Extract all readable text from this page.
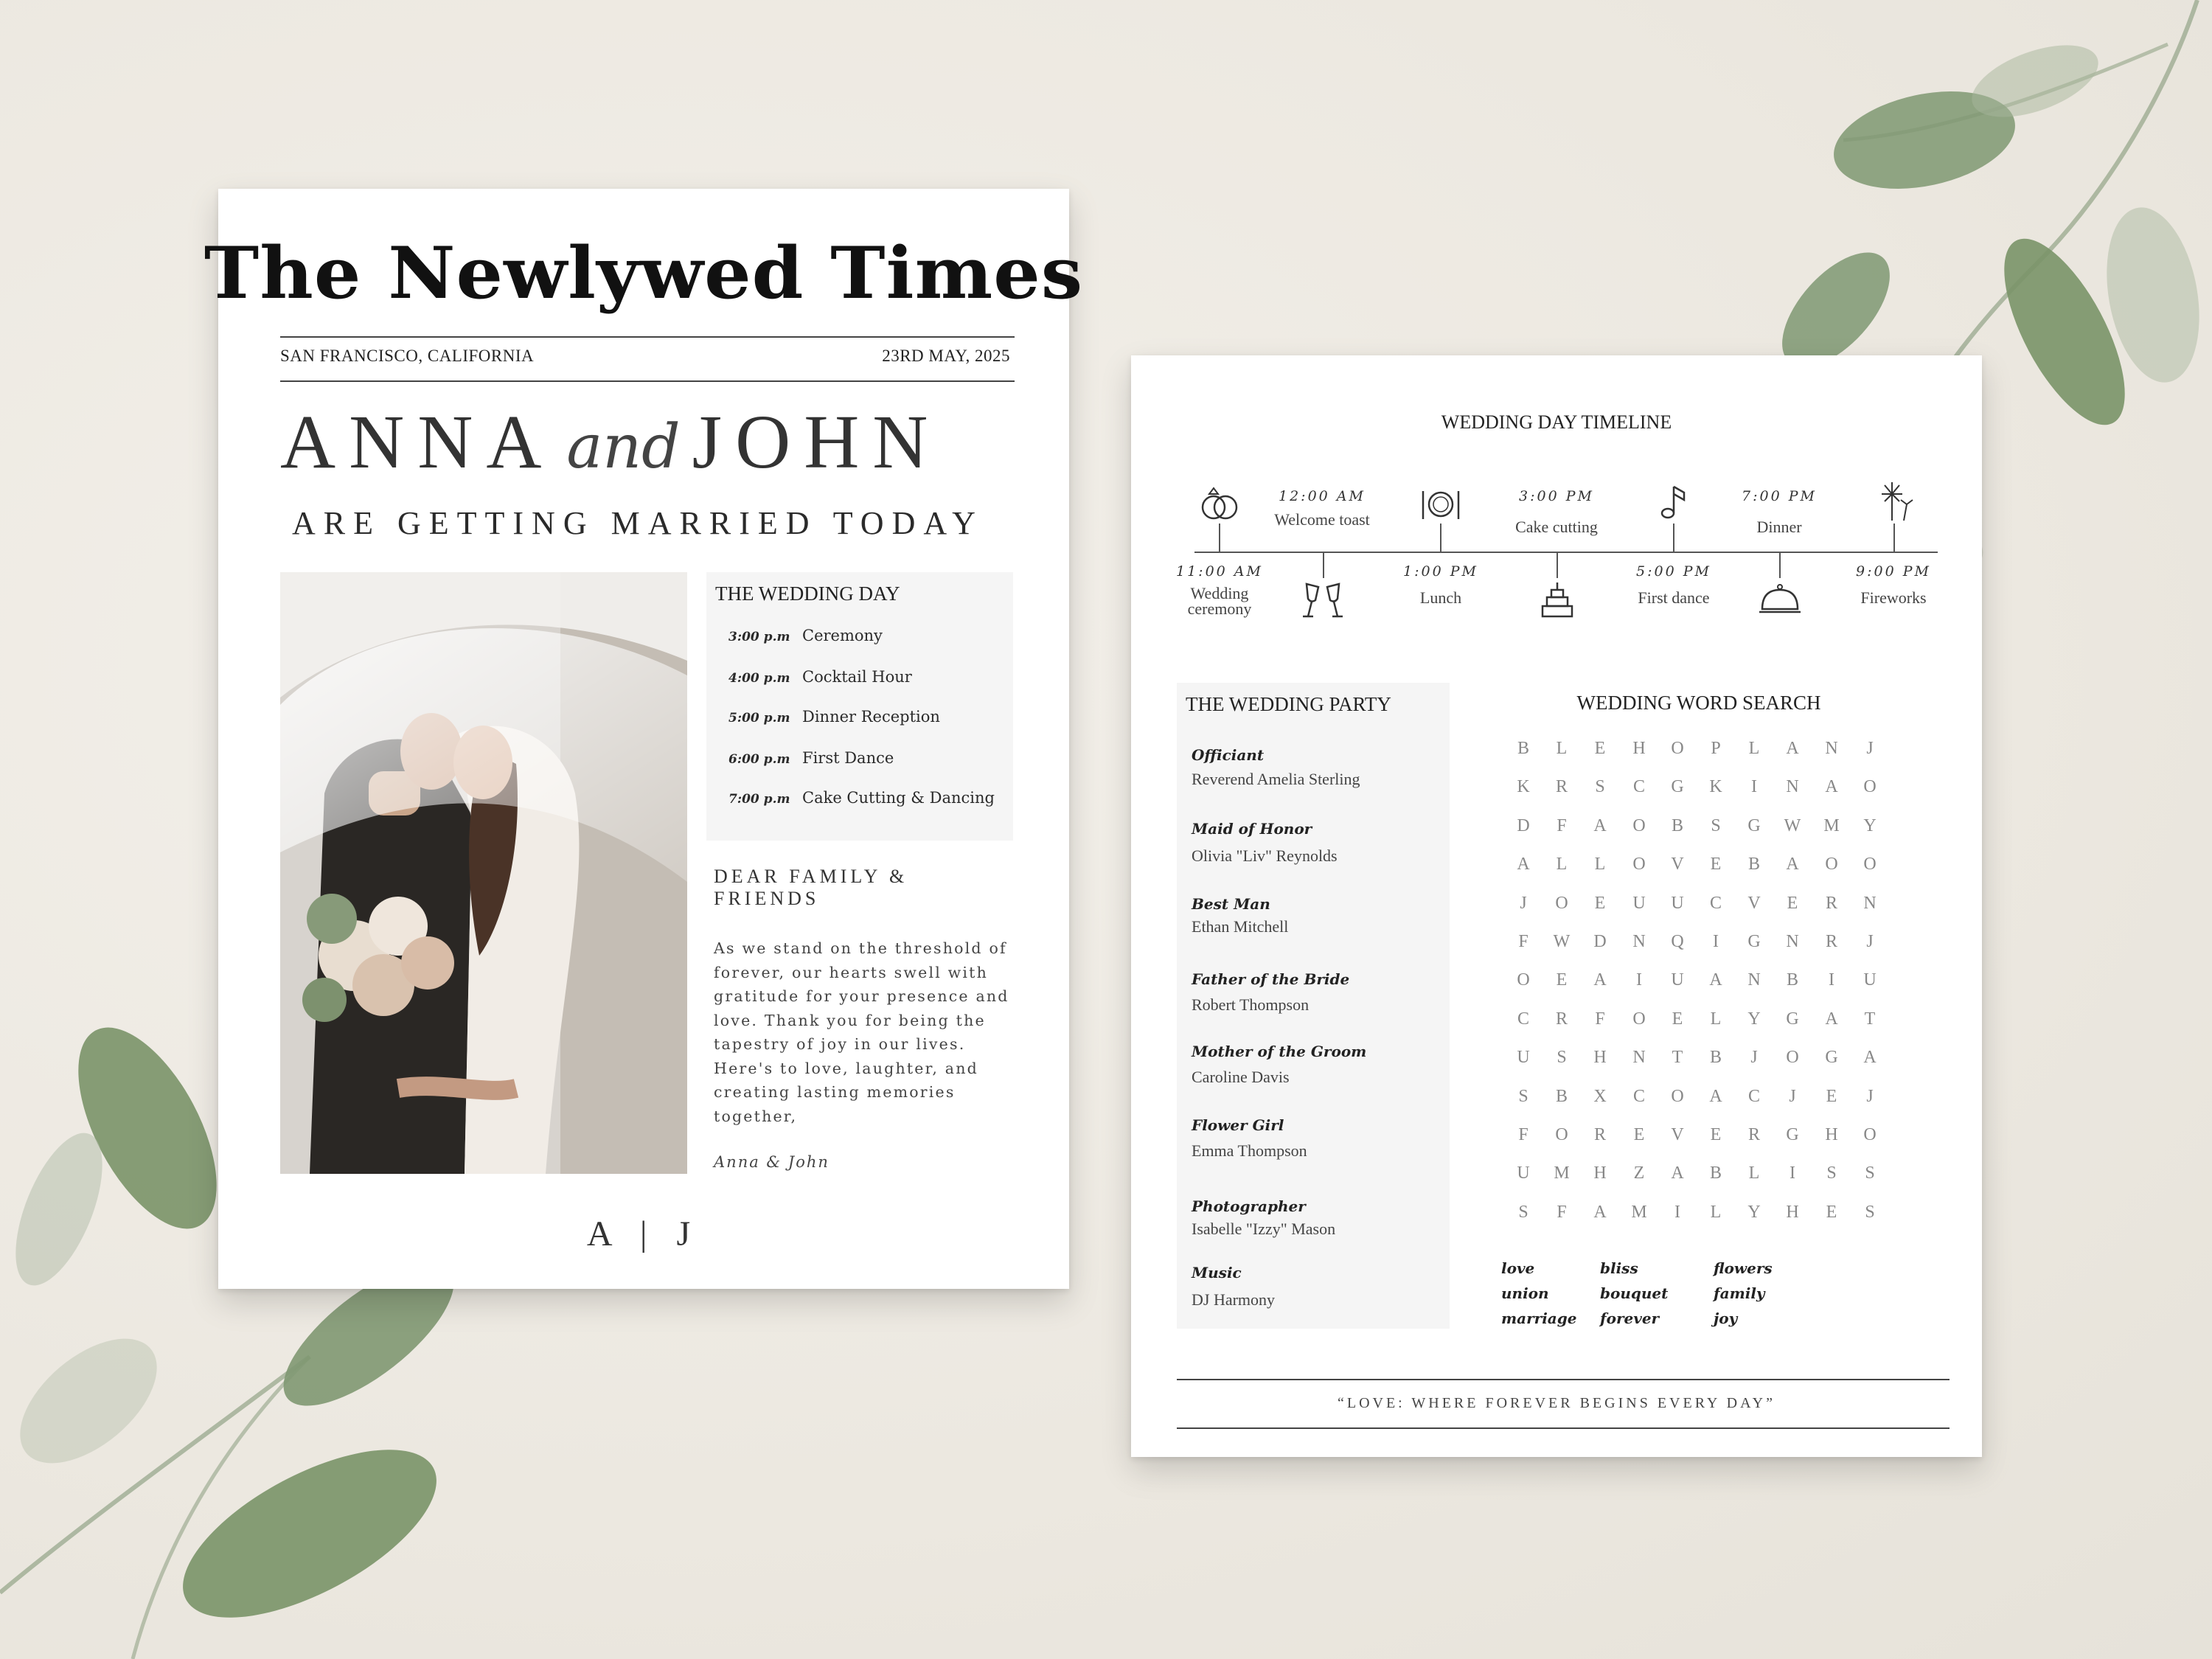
The Newlywed Times
SAN FRANCISCO, CALIFORNIA	23RD MAY, 2025
ANNA and JOHN
ARE GETTING MARRIED TODAY
THE WEDDING DAY
3:00 p.m Ceremony
4:00 p.m Cocktail Hour
5:00 p.m Dinner Reception
6:00 p.m First Dance
7:00 p.m Cake Cutting & Dancing
DEAR FAMILY & FRIENDS
As we stand on the threshold of forever, our hearts swell with gratitude for your presence and love. Thank you for being the tapestry of joy in our lives. Here's to love, laughter, and creating lasting memories together,
Anna & John
A | J
WEDDING DAY TIMELINE
12:00 AM
Welcome toast
3:00 PM
Cake cutting
7:00 PM
Dinner
11:00 AM
Wedding ceremony
1:00 PM
Lunch
5:00 PM
First dance
9:00 PM
Fireworks
THE WEDDING PARTY
Officiant
Reverend Amelia Sterling
Maid of Honor
Olivia "Liv" Reynolds
Best Man
Ethan Mitchell
Father of the Bride
Robert Thompson
Mother of the Groom
Caroline Davis
Flower Girl
Emma Thompson
Photographer
Isabelle "Izzy" Mason
Music
DJ Harmony
WEDDING WORD SEARCH
B	L	E	H	O	P	L	A	N	J
K	R	S	C	G	K	I	N	A	O
D	F	A	O	B	S	G	W	M	Y
A	L	L	O	V	E	B	A	O	O
J	O	E	U	U	C	V	E	R	N
F	W	D	N	Q	I	G	N	R	J
O	E	A	I	U	A	N	B	I	U
C	R	F	O	E	L	Y	G	A	T
U	S	H	N	T	B	J	O	G	A
S	B	X	C	O	A	C	J	E	J
F	O	R	E	V	E	R	G	H	O
U	M	H	Z	A	B	L	I	S	S
S	F	A	M	I	L	Y	H	E	S
love	bliss	flowers
union	bouquet	family
marriage forever	joy
“LOVE: WHERE FOREVER BEGINS EVERY DAY”
